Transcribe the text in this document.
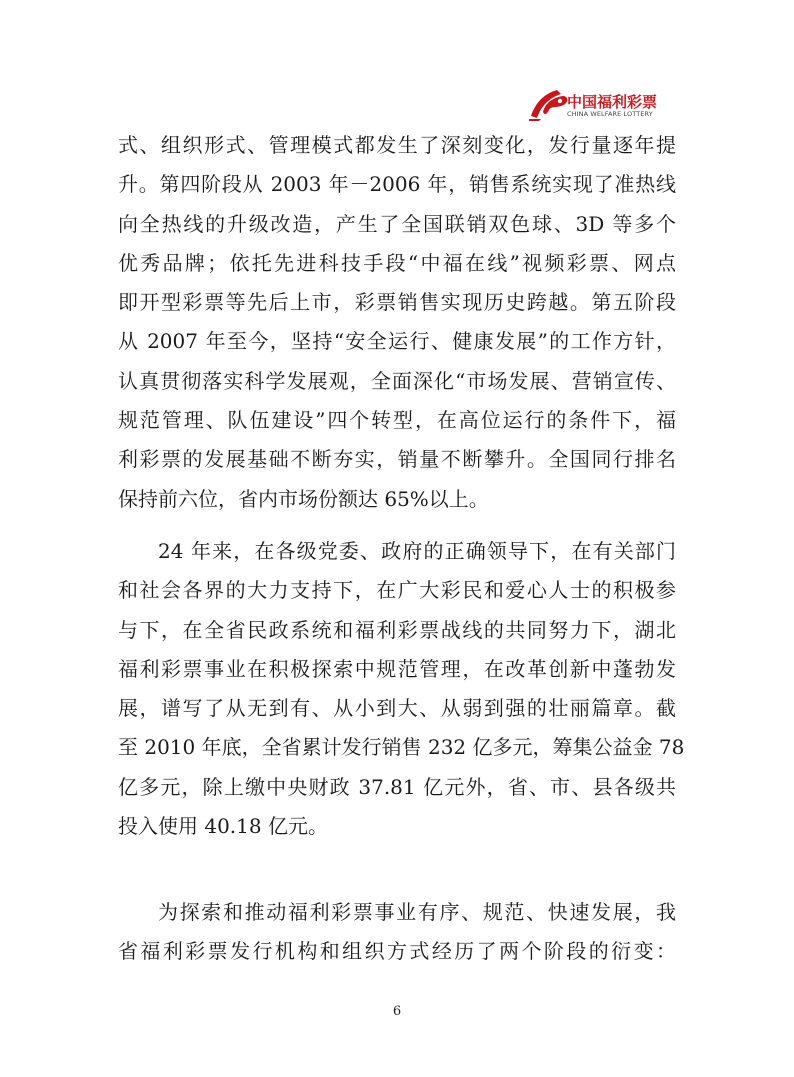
中国福利彩票
CHINA WELFARE LOTTERY
式、组织形式、管理模式都发生了深刻变化，发行量逐年提
升。第四阶段从 2003 年－2006 年，销售系统实现了准热线
向全热线的升级改造，产生了全国联销双色球、3D 等多个
优秀品牌；依托先进科技手段“中福在线”视频彩票、网点
即开型彩票等先后上市，彩票销售实现历史跨越。第五阶段
从 2007 年至今，坚持“安全运行、健康发展”的工作方针，
认真贯彻落实科学发展观，全面深化“市场发展、营销宣传、
规范管理、队伍建设”四个转型，在高位运行的条件下，福
利彩票的发展基础不断夯实，销量不断攀升。全国同行排名
保持前六位，省内市场份额达 65%以上。
24 年来，在各级党委、政府的正确领导下，在有关部门
和社会各界的大力支持下，在广大彩民和爱心人士的积极参
与下，在全省民政系统和福利彩票战线的共同努力下，湖北
福利彩票事业在积极探索中规范管理，在改革创新中蓬勃发
展，谱写了从无到有、从小到大、从弱到强的壮丽篇章。截
至 2010 年底，全省累计发行销售 232 亿多元，筹集公益金 78
亿多元，除上缴中央财政 37.81 亿元外，省、市、县各级共
投入使用 40.18 亿元。
为探索和推动福利彩票事业有序、规范、快速发展，我
省福利彩票发行机构和组织方式经历了两个阶段的衍变：
6
